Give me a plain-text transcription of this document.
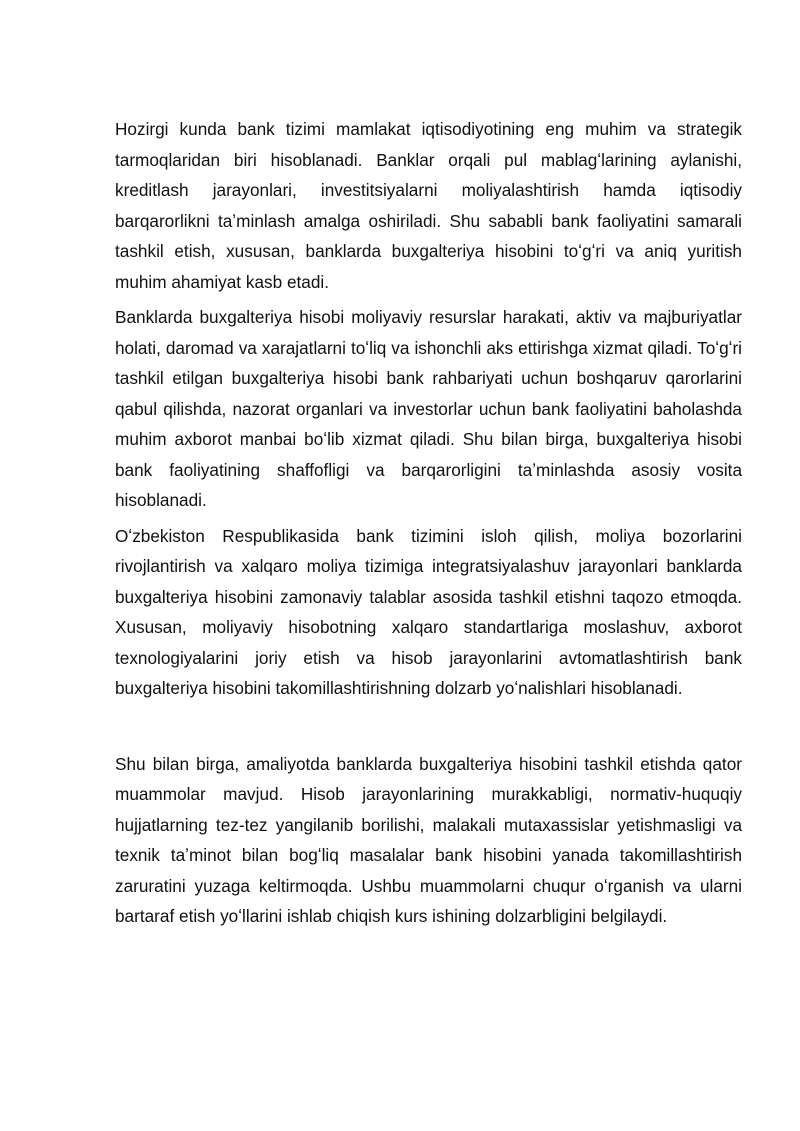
Hozirgi kunda bank tizimi mamlakat iqtisodiyotining eng muhim va strategik tarmoqlaridan biri hisoblanadi. Banklar orqali pul mablagʻlarining aylanishi, kreditlash jarayonlari, investitsiyalarni moliyalashtirish hamda iqtisodiy barqarorlikni taʼminlash amalga oshiriladi. Shu sababli bank faoliyatini samarali tashkil etish, xususan, banklarda buxgalteriya hisobini toʻgʻri va aniq yuritish muhim ahamiyat kasb etadi.

Banklarda buxgalteriya hisobi moliyaviy resurslar harakati, aktiv va majburiyatlar holati, daromad va xarajatlarni toʻliq va ishonchli aks ettirishga xizmat qiladi. Toʻgʻri tashkil etilgan buxgalteriya hisobi bank rahbariyati uchun boshqaruv qarorlarini qabul qilishda, nazorat organlari va investorlar uchun bank faoliyatini baholashda muhim axborot manbai boʻlib xizmat qiladi. Shu bilan birga, buxgalteriya hisobi bank faoliyatining shaffofligi va barqarorligini taʼminlashda asosiy vosita hisoblanadi.

Oʻzbekiston Respublikasida bank tizimini isloh qilish, moliya bozorlarini rivojlantirish va xalqaro moliya tizimiga integratsiyalashuv jarayonlari banklarda buxgalteriya hisobini zamonaviy talablar asosida tashkil etishni taqozo etmoqda. Xususan, moliyaviy hisobotning xalqaro standartlariga moslashuv, axborot texnologiyalarini joriy etish va hisob jarayonlarini avtomatlashtirish bank buxgalteriya hisobini takomillashtirishning dolzarb yoʻnalishlari hisoblanadi.

Shu bilan birga, amaliyotda banklarda buxgalteriya hisobini tashkil etishda qator muammolar mavjud. Hisob jarayonlarining murakkabligi, normativ-huquqiy hujjatlarning tez-tez yangilanib borilishi, malakali mutaxassislar yetishmasligi va texnik taʼminot bilan bogʻliq masalalar bank hisobini yanada takomillashtirish zaruratini yuzaga keltirmoqda. Ushbu muammolarni chuqur oʻrganish va ularni bartaraf etish yoʻllarini ishlab chiqish kurs ishining dolzarbligini belgilaydi.
